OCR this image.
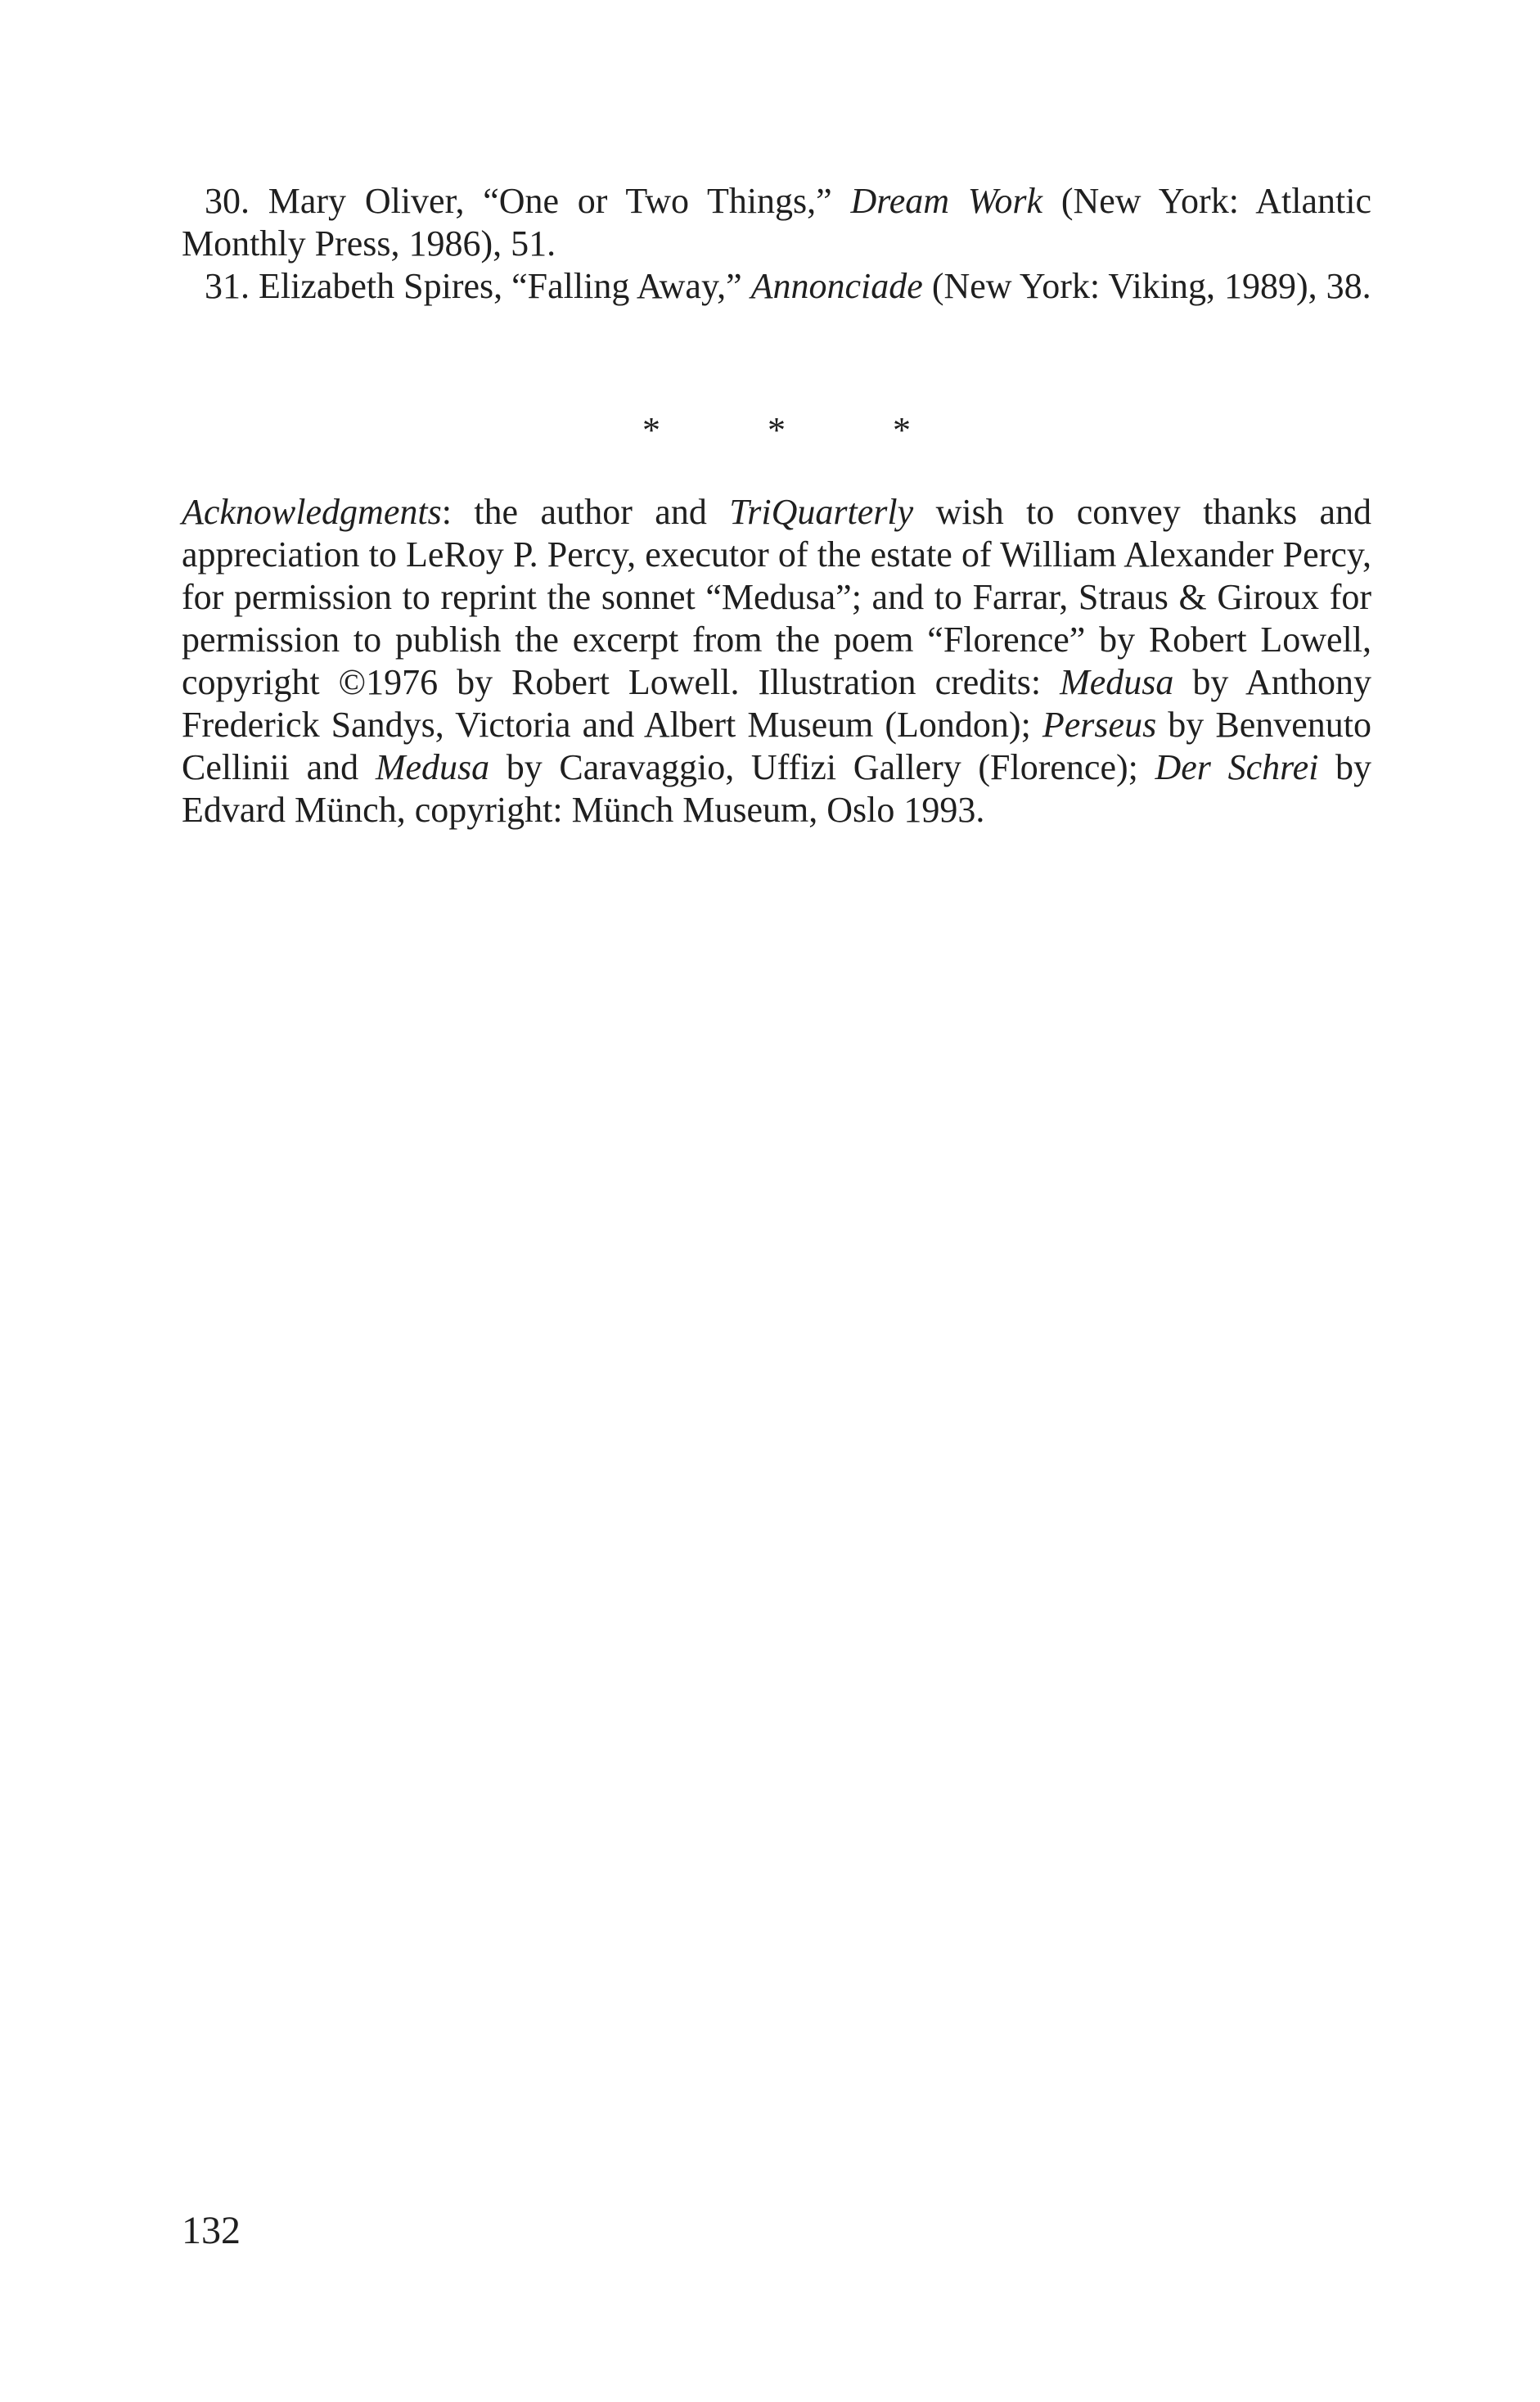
30. Mary Oliver, “One or Two Things,” Dream Work (New York: Atlantic Monthly Press, 1986), 51.

31. Elizabeth Spires, “Falling Away,” Annonciade (New York: Viking, 1989), 38.

* * *

Acknowledgments: the author and TriQuarterly wish to convey thanks and appreciation to LeRoy P. Percy, executor of the estate of William Alexander Percy, for permission to reprint the sonnet “Medusa”; and to Farrar, Straus & Giroux for permission to publish the excerpt from the poem “Florence” by Robert Lowell, copyright ©1976 by Robert Lowell. Illustration credits: Medusa by Anthony Frederick Sandys, Victoria and Albert Museum (London); Perseus by Benvenuto Cellinii and Medusa by Caravaggio, Uffizi Gallery (Florence); Der Schrei by Edvard Münch, copyright: Münch Museum, Oslo 1993.

132
